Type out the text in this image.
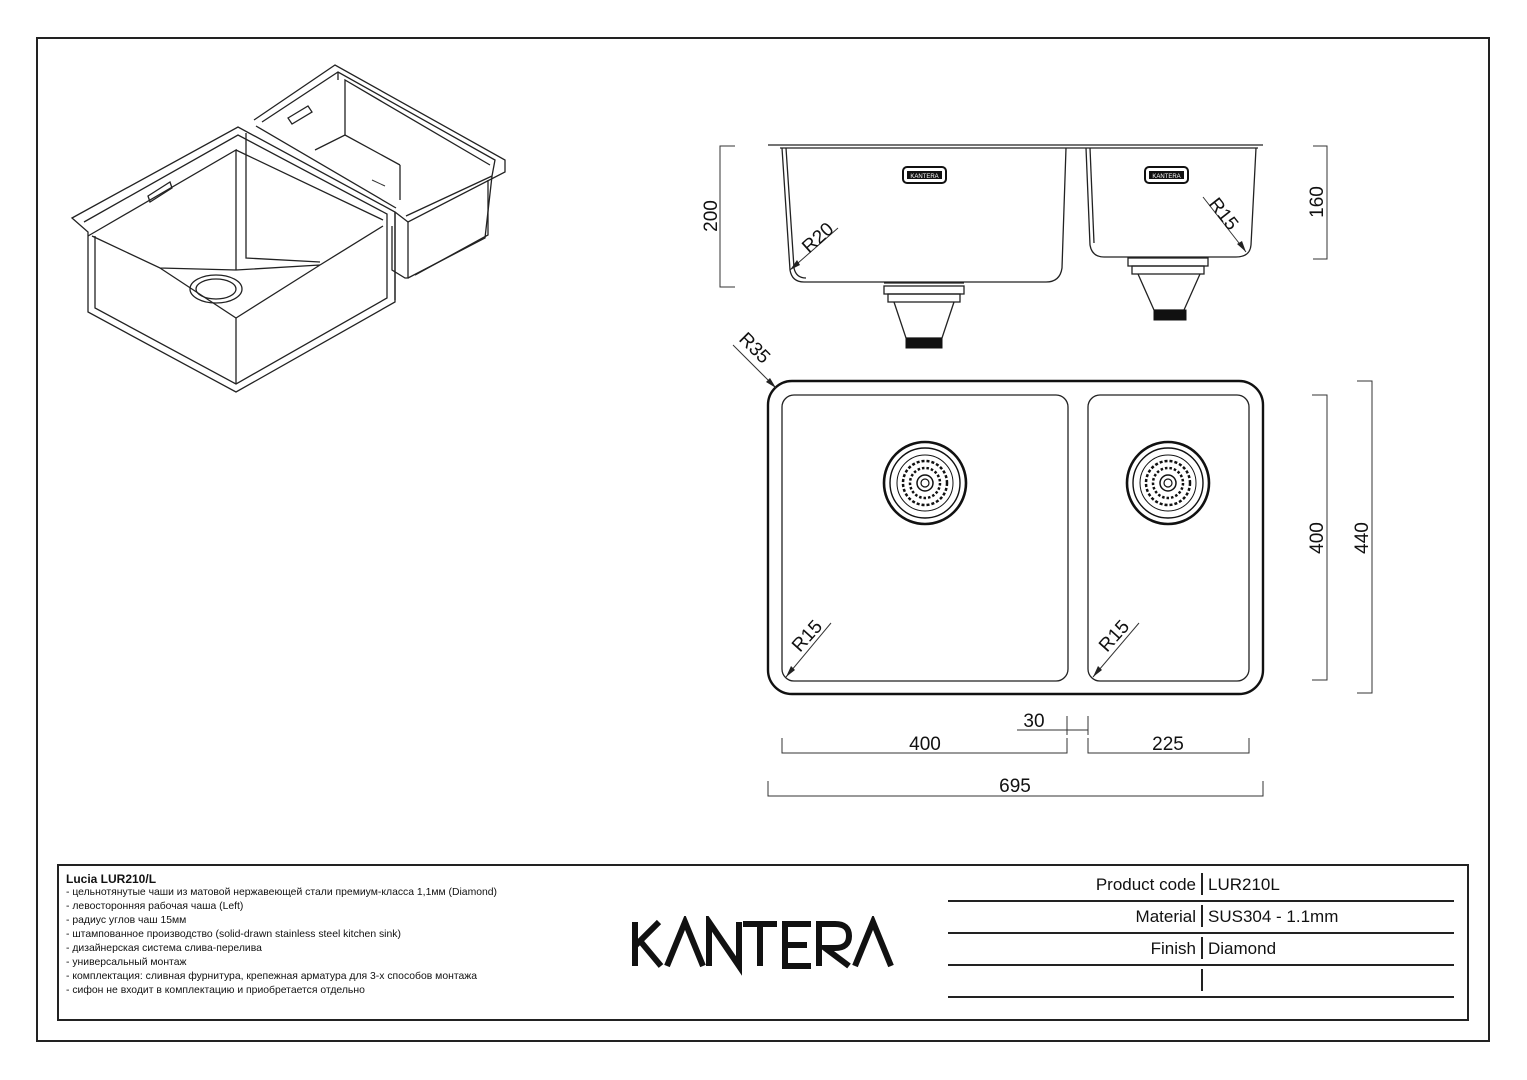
KANTERA	KANTERA
200	160
R20
R15
R35
R15	R15
400 440
30
400	225
695
Lucia LUR210/L
- цельнотянутые чаши из матовой нержавеющей стали премиум-класса 1,1мм (Diamond)
- левосторонняя рабочая чаша (Left)
- радиус углов чаш 15мм
- штампованное производство (solid-drawn stainless steel kitchen sink)
- дизайнерская система слива-перелива
- универсальный монтаж
- комплектация: сливная фурнитура, крепежная арматура для 3-х способов монтажа
- сифон не входит в комплектацию и приобретается отдельно
Product code LUR210L
Material SUS304 - 1.1mm
Finish Diamond
